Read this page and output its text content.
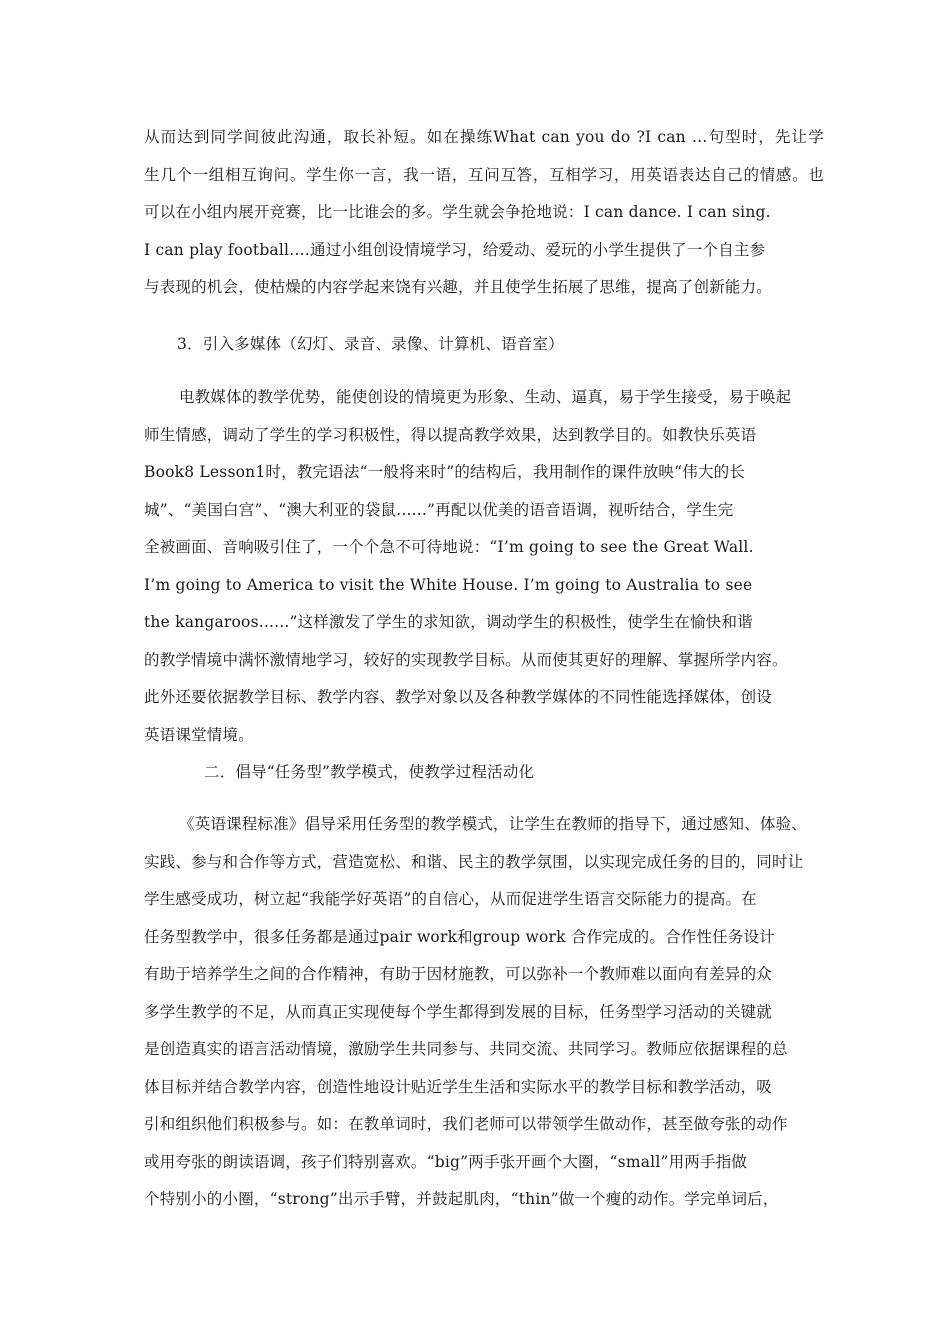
从而达到同学间彼此沟通，取长补短。如在操练What can you do ?I can …句型时，先让学
生几个一组相互询问。学生你一言，我一语，互问互答，互相学习，用英语表达自己的情感。也
可以在小组内展开竞赛，比一比谁会的多。学生就会争抢地说：I can dance. I can sing.
I can play football.…通过小组创设情境学习，给爱动、爱玩的小学生提供了一个自主参
与表现的机会，使枯燥的内容学起来饶有兴趣，并且使学生拓展了思维，提高了创新能力。
3．引入多媒体（幻灯、录音、录像、计算机、语音室）
电教媒体的教学优势，能使创设的情境更为形象、生动、逼真，易于学生接受，易于唤起
师生情感，调动了学生的学习积极性，得以提高教学效果，达到教学目的。如教快乐英语
Book8 Lesson1时，教完语法“一般将来时”的结构后，我用制作的课件放映“伟大的长
城”、“美国白宫”、“澳大利亚的袋鼠......”再配以优美的语音语调，视听结合，学生完
全被画面、音响吸引住了，一个个急不可待地说：“I’m going to see the Great Wall.
I’m going to America to visit the White House. I’m going to Australia to see
the kangaroos......”这样激发了学生的求知欲，调动学生的积极性，使学生在愉快和谐
的教学情境中满怀激情地学习，较好的实现教学目标。从而使其更好的理解、掌握所学内容。
此外还要依据教学目标、教学内容、教学对象以及各种教学媒体的不同性能选择媒体，创设
英语课堂情境。
二．倡导“任务型”教学模式，使教学过程活动化
《英语课程标准》倡导采用任务型的教学模式，让学生在教师的指导下，通过感知、体验、
实践、参与和合作等方式，营造宽松、和谐、民主的教学氛围，以实现完成任务的目的，同时让
学生感受成功，树立起“我能学好英语”的自信心，从而促进学生语言交际能力的提高。在
任务型教学中，很多任务都是通过pair work和group work 合作完成的。合作性任务设计
有助于培养学生之间的合作精神，有助于因材施教，可以弥补一个教师难以面向有差异的众
多学生教学的不足，从而真正实现使每个学生都得到发展的目标，任务型学习活动的关键就
是创造真实的语言活动情境，激励学生共同参与、共同交流、共同学习。教师应依据课程的总
体目标并结合教学内容，创造性地设计贴近学生生活和实际水平的教学目标和教学活动，吸
引和组织他们积极参与。如：在教单词时，我们老师可以带领学生做动作，甚至做夸张的动作
或用夸张的朗读语调，孩子们特别喜欢。“big”两手张开画个大圈，“small”用两手指做
个特别小的小圈，“strong”出示手臂，并鼓起肌肉，“thin”做一个瘦的动作。学完单词后，
